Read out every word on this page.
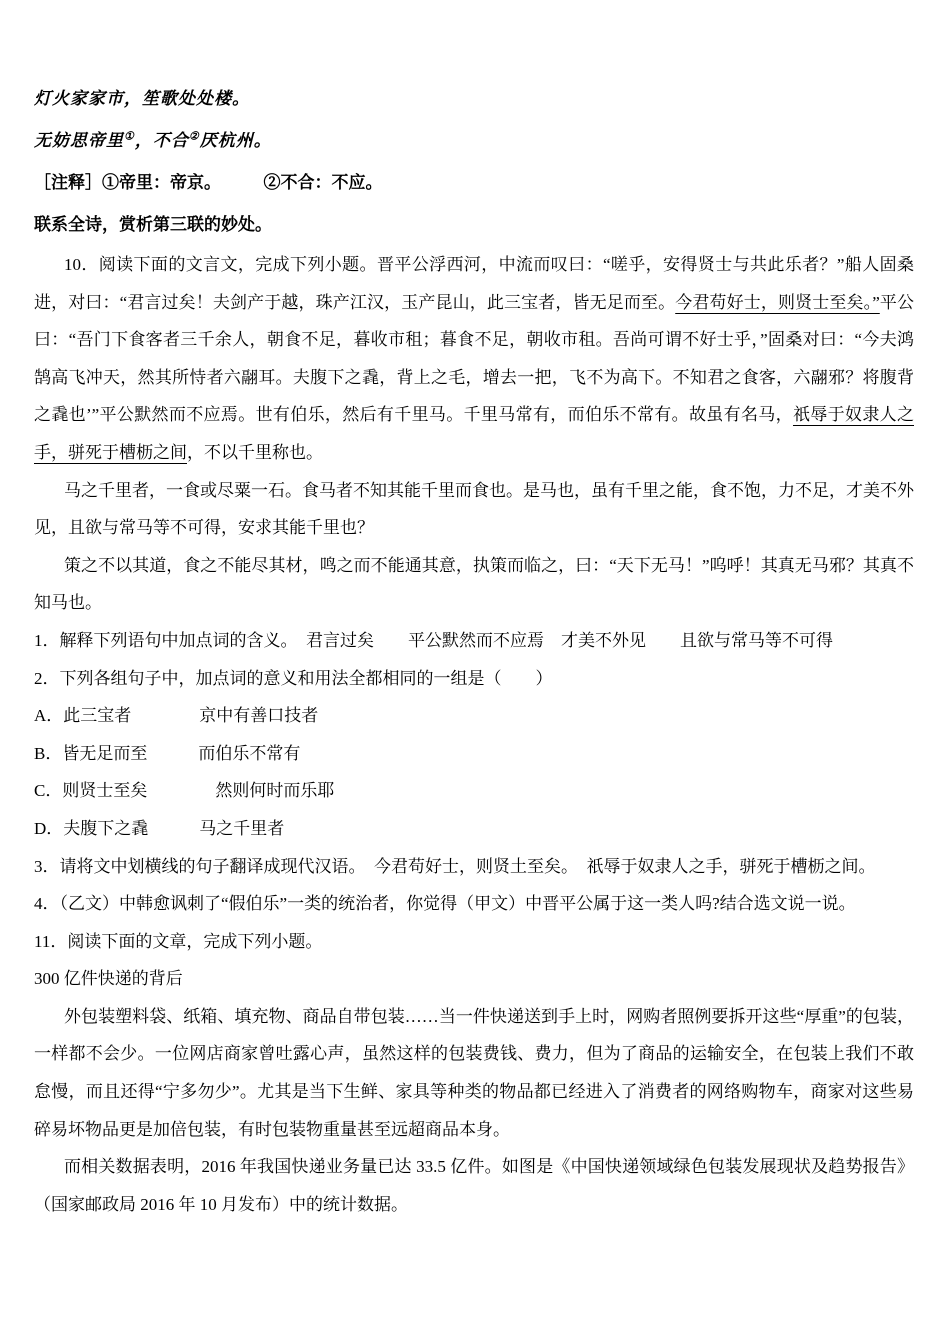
灯火家家市，笙歌处处楼。

无妨思帝里①，不合②厌杭州。

［注释］①帝里：帝京。　　　②不合：不应。

联系全诗，赏析第三联的妙处。

10．阅读下面的文言文，完成下列小题。晋平公浮西河，中流而叹曰：“嗟乎，安得贤士与共此乐者？”船人固桑进，对曰：“君言过矣！夫剑产于越，珠产江汉，玉产昆山，此三宝者，皆无足而至。今君苟好士，则贤士至矣。”平公曰：“吾门下食客者三千余人，朝食不足，暮收市租；暮食不足，朝收市租。吾尚可谓不好士乎，”固桑对曰：“今夫鸿鹄高飞冲天，然其所恃者六翮耳。夫腹下之毳，背上之毛，增去一把，飞不为高下。不知君之食客，六翮邪？将腹背之毳也’”平公默然而不应焉。世有伯乐，然后有千里马。千里马常有，而伯乐不常有。故虽有名马，祇辱于奴隶人之手，骈死于槽枥之间，不以千里称也。

马之千里者，一食或尽粟一石。食马者不知其能千里而食也。是马也，虽有千里之能，食不饱，力不足，才美不外见，且欲与常马等不可得，安求其能千里也？

策之不以其道，食之不能尽其材，鸣之而不能通其意，执策而临之，曰：“天下无马！”呜呼！其真无马邪？其真不知马也。

1．解释下列语句中加点词的含义。　君言过矣　　平公默然而不应焉　才美不外见　　且欲与常马等不可得

2．下列各组句子中，加点词的意义和用法全都相同的一组是（　　）

A．此三宝者　　　　京中有善口技者

B．皆无足而至　　　而伯乐不常有

C．则贤士至矣　　　　然则何时而乐耶

D．夫腹下之毳　　　马之千里者

3．请将文中划横线的句子翻译成现代汉语。　今君苟好士，则贤土至矣。　祇辱于奴隶人之手，骈死于槽枥之间。

4．（乙文）中韩愈讽刺了“假伯乐”一类的统治者，你觉得（甲文）中晋平公属于这一类人吗?结合选文说一说。

11．阅读下面的文章，完成下列小题。

300 亿件快递的背后

外包装塑料袋、纸箱、填充物、商品自带包装……当一件快递送到手上时，网购者照例要拆开这些“厚重”的包装，一样都不会少。一位网店商家曾吐露心声，虽然这样的包装费钱、费力，但为了商品的运输安全，在包装上我们不敢怠慢，而且还得“宁多勿少”。尤其是当下生鲜、家具等种类的物品都已经进入了消费者的网络购物车，商家对这些易碎易坏物品更是加倍包装，有时包装物重量甚至远超商品本身。

而相关数据表明，2016 年我国快递业务量已达 33.5 亿件。如图是《中国快递领域绿色包装发展现状及趋势报告》（国家邮政局 2016 年 10 月发布）中的统计数据。
